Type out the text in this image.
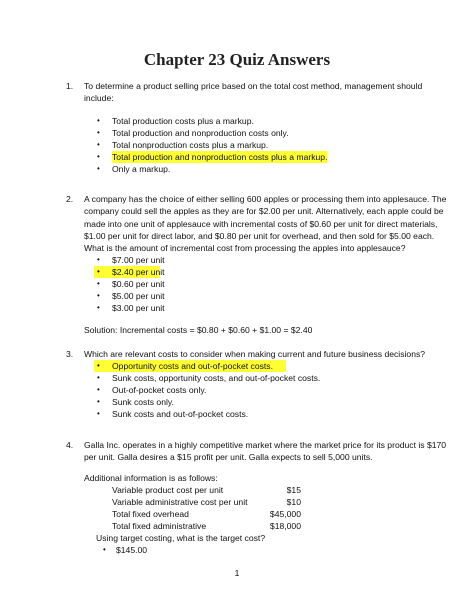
Chapter 23 Quiz Answers
1. To determine a product selling price based on the total cost method, management should
include:
• Total production costs plus a markup.
• Total production and nonproduction costs only.
• Total nonproduction costs plus a markup.
• Total production and nonproduction costs plus a markup.
• Only a markup.
2. A company has the choice of either selling 600 apples or processing them into applesauce. The
company could sell the apples as they are for $2.00 per unit. Alternatively, each apple could be
made into one unit of applesauce with incremental costs of $0.60 per unit for direct materials,
$1.00 per unit for direct labor, and $0.80 per unit for overhead, and then sold for $5.00 each.
What is the amount of incremental cost from processing the apples into applesauce?
• $7.00 per unit
• $2.40 per unit
• $0.60 per unit
• $5.00 per unit
• $3.00 per unit
Solution: Incremental costs = $0.80 + $0.60 + $1.00 = $2.40
3. Which are relevant costs to consider when making current and future business decisions?
• Opportunity costs and out-of-pocket costs.
• Sunk costs, opportunity costs, and out-of-pocket costs.
• Out-of-pocket costs only.
• Sunk costs only.
• Sunk costs and out-of-pocket costs.
4. Galla Inc. operates in a highly competitive market where the market price for its product is $170
per unit. Galla desires a $15 profit per unit. Galla expects to sell 5,000 units.
Additional information is as follows:
Variable product cost per unit	$15
Variable administrative cost per unit	$10
Total fixed overhead	$45,000
Total fixed administrative	$18,000
Using target costing, what is the target cost?
• $145.00
1
